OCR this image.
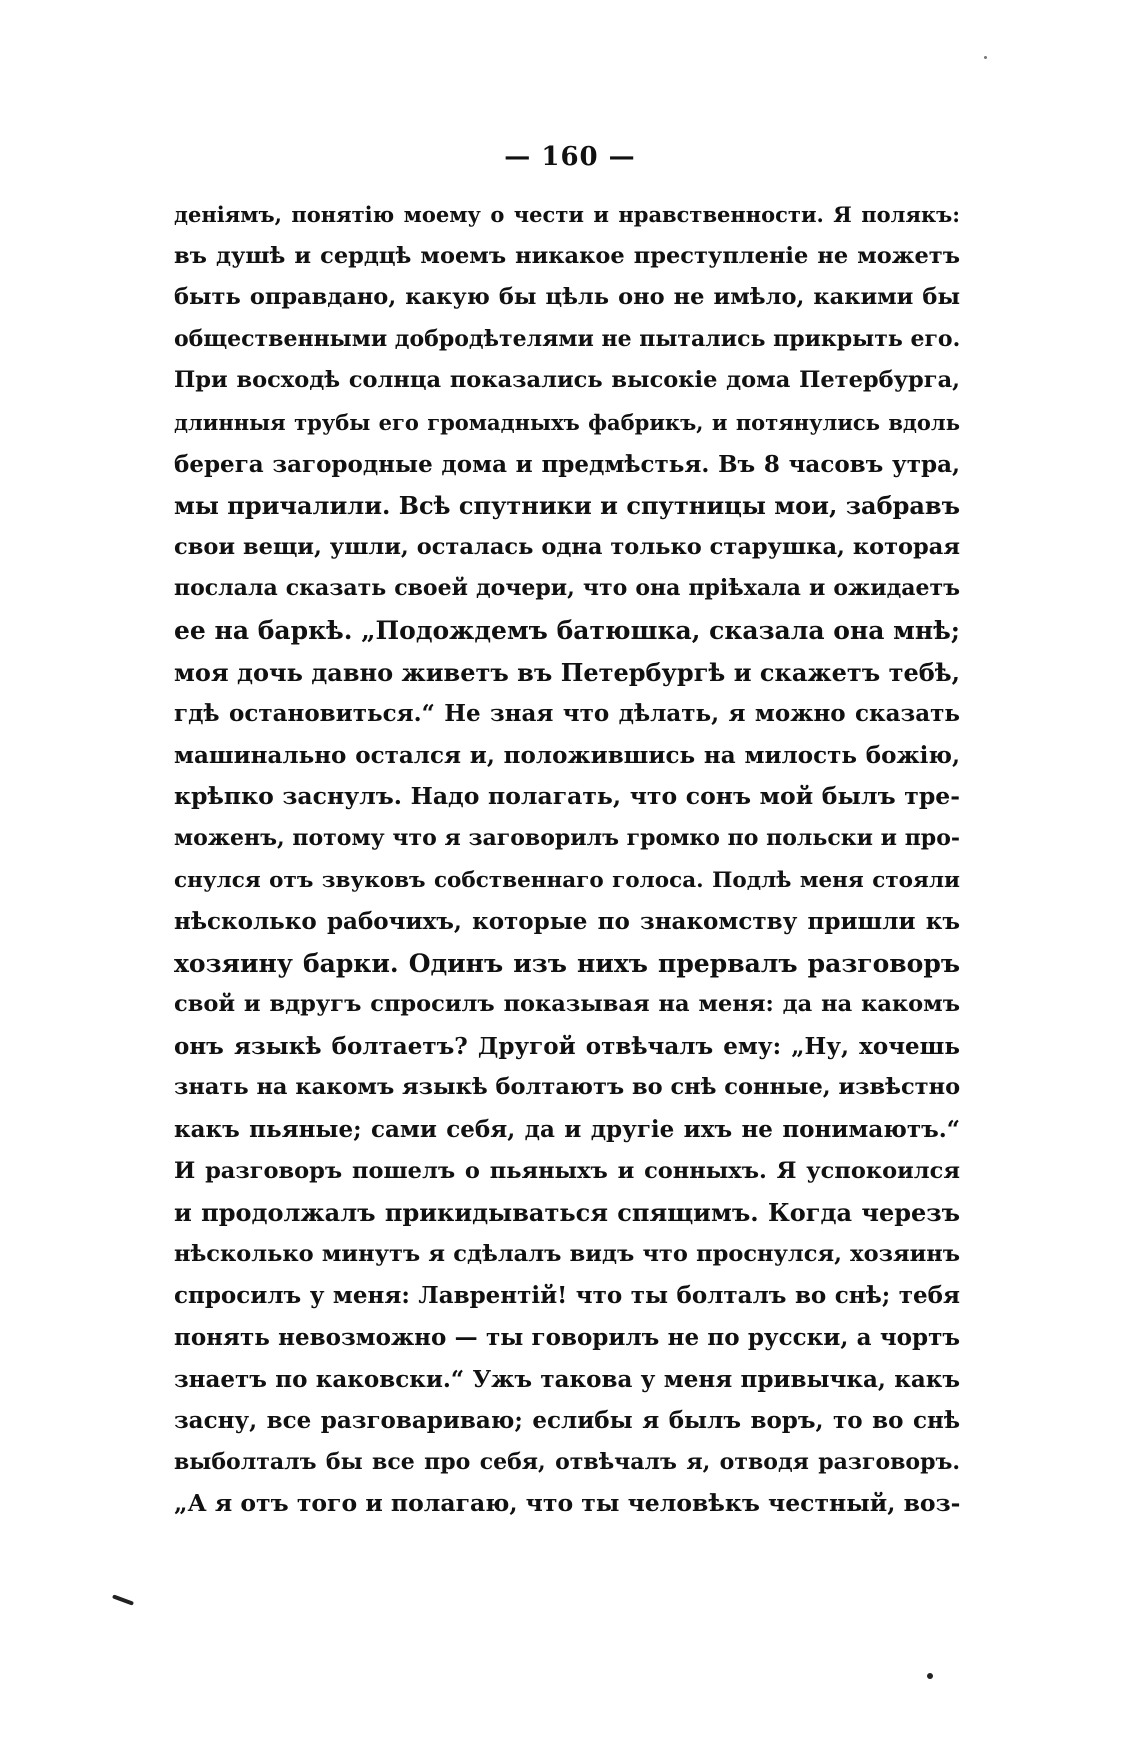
— 160 —
деніямъ, понятію моему о чести и нравственности. Я полякъ:
въ душѣ и сердцѣ моемъ никакое преступленіе не можетъ
быть оправдано, какую бы цѣль оно не имѣло, какими бы
общественными добродѣтелями не пытались прикрыть его.
При восходѣ солнца показались высокіе дома Петербурга,
длинныя трубы его громадныхъ фабрикъ, и потянулись вдоль
берега загородные дома и предмѣстья. Въ 8 часовъ утра,
мы причалили. Всѣ спутники и спутницы мои, забравъ
свои вещи, ушли, осталась одна только старушка, которая
послала сказать своей дочери, что она пріѣхала и ожидаетъ
ее на баркѣ. „Подождемъ батюшка, сказала она мнѣ;
моя дочь давно живетъ въ Петербургѣ и скажетъ тебѣ,
гдѣ остановиться.“ Не зная что дѣлать, я можно сказать
машинально остался и, положившись на милость божію,
крѣпко заснулъ. Надо полагать, что сонъ мой былъ тре-
моженъ, потому что я заговорилъ громко по польски и про-
снулся отъ звуковъ собственнаго голоса. Подлѣ меня стояли
нѣсколько рабочихъ, которые по знакомству пришли къ
хозяину барки. Одинъ изъ нихъ прервалъ разговоръ
свой и вдругъ спросилъ показывая на меня: да на какомъ
онъ языкѣ болтаетъ? Другой отвѣчалъ ему: „Ну, хочешь
знать на какомъ языкѣ болтаютъ во снѣ сонные, извѣстно
какъ пьяные; сами себя, да и другіе ихъ не понимаютъ.“
И разговоръ пошелъ о пьяныхъ и сонныхъ. Я успокоился
и продолжалъ прикидываться спящимъ. Когда черезъ
нѣсколько минутъ я сдѣлалъ видъ что проснулся, хозяинъ
спросилъ у меня: Лаврентій! что ты болталъ во снѣ; тебя
понять невозможно — ты говорилъ не по русски, а чортъ
знаетъ по каковски.“ Ужъ такова у меня привычка, какъ
засну, все разговариваю; еслибы я былъ воръ, то во снѣ
выболталъ бы все про себя, отвѣчалъ я, отводя разговоръ.
„А я отъ того и полагаю, что ты человѣкъ честный, воз-
